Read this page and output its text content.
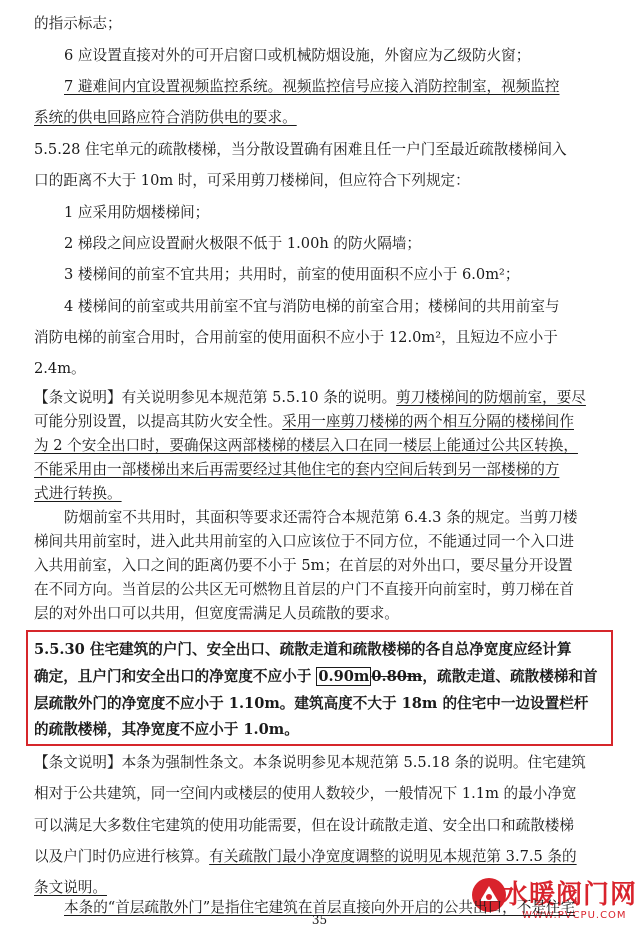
的指示标志；
6 应设置直接对外的可开启窗口或机械防烟设施，外窗应为乙级防火窗；
7 避难间内宜设置视频监控系统。视频监控信号应接入消防控制室，视频监控
系统的供电回路应符合消防供电的要求。
5.5.28 住宅单元的疏散楼梯，当分散设置确有困难且任一户门至最近疏散楼梯间入
口的距离不大于 10m 时，可采用剪刀楼梯间，但应符合下列规定：
1 应采用防烟楼梯间；
2 梯段之间应设置耐火极限不低于 1.00h 的防火隔墙；
3 楼梯间的前室不宜共用；共用时，前室的使用面积不应小于 6.0m²；
4 楼梯间的前室或共用前室不宜与消防电梯的前室合用；楼梯间的共用前室与
消防电梯的前室合用时，合用前室的使用面积不应小于 12.0m²，且短边不应小于
2.4m。
【条文说明】有关说明参见本规范第 5.5.10 条的说明。剪刀楼梯间的防烟前室，要尽
可能分别设置，以提高其防火安全性。采用一座剪刀楼梯的两个相互分隔的楼梯间作
为 2 个安全出口时，要确保这两部楼梯的楼层入口在同一楼层上能通过公共区转换，
不能采用由一部楼梯出来后再需要经过其他住宅的套内空间后转到另一部楼梯的方
式进行转换。
防烟前室不共用时，其面积等要求还需符合本规范第 6.4.3 条的规定。当剪刀楼
梯间共用前室时，进入此共用前室的入口应该位于不同方位，不能通过同一个入口进
入共用前室，入口之间的距离仍要不小于 5m；在首层的对外出口，要尽量分开设置
在不同方向。当首层的公共区无可燃物且首层的户门不直接开向前室时，剪刀梯在首
层的对外出口可以共用，但宽度需满足人员疏散的要求。
5.5.30 住宅建筑的户门、安全出口、疏散走道和疏散楼梯的各自总净宽度应经计算
确定，且户门和安全出口的净宽度不应小于 0.90m 0.80m，疏散走道、疏散楼梯和首
层疏散外门的净宽度不应小于 1.10m。建筑高度不大于 18m 的住宅中一边设置栏杆
的疏散楼梯，其净宽度不应小于 1.0m。
【条文说明】本条为强制性条文。本条说明参见本规范第 5.5.18 条的说明。住宅建筑
相对于公共建筑，同一空间内或楼层的使用人数较少，一般情况下 1.1m 的最小净宽
可以满足大多数住宅建筑的使用功能需要，但在设计疏散走道、安全出口和疏散楼梯
以及户门时仍应进行核算。有关疏散门最小净宽度调整的说明见本规范第 3.7.5 条的
条文说明。
35
水暖阀门网
WWW.PVCPU.COM
本条的“首层疏散外门”是指住宅建筑在首层直接向外开启的公共出口，不是住宅
